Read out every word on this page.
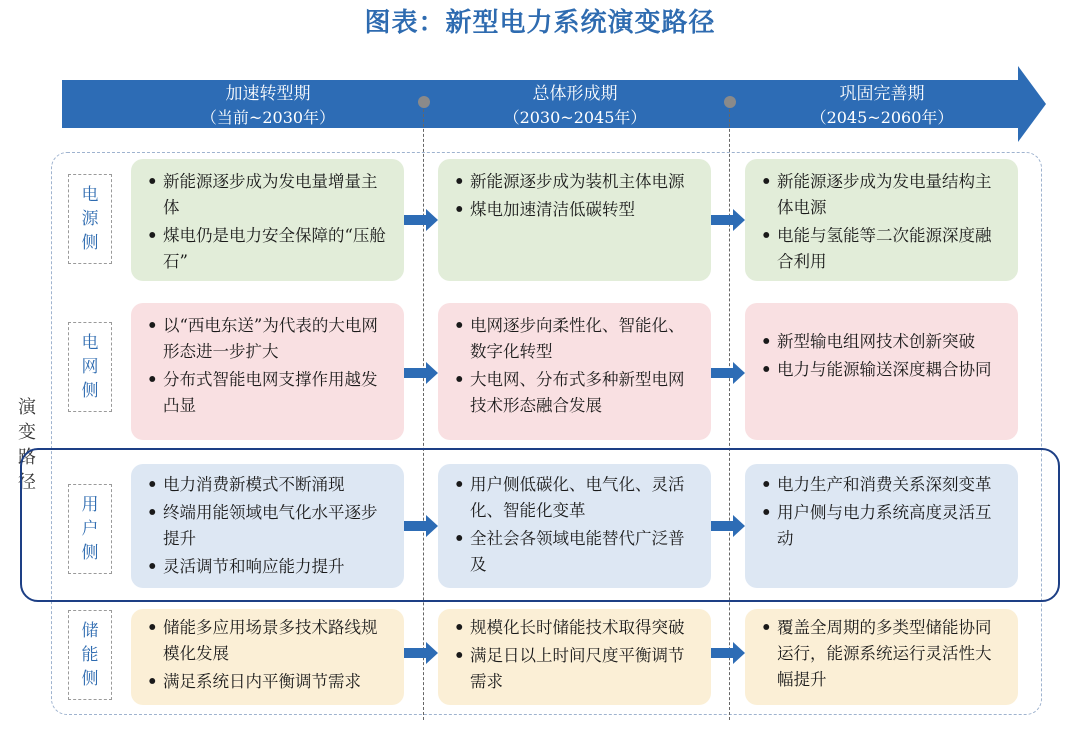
图表：新型电力系统演变路径
加速转型期
（当前~2030年）
总体形成期
（2030~2045年）
巩固完善期
（2045~2060年）
演
变
路
径
电
源
侧
• 新能源逐步成为发电量增量主体
• 煤电仍是电力安全保障的“压舱石”
• 新能源逐步成为装机主体电源
• 煤电加速清洁低碳转型
• 新能源逐步成为发电量结构主体电源
• 电能与氢能等二次能源深度融合利用
电
网
侧
• 以“西电东送”为代表的大电网形态进一步扩大
• 分布式智能电网支撑作用越发凸显
• 电网逐步向柔性化、智能化、数字化转型
• 大电网、分布式多种新型电网技术形态融合发展
• 新型输电组网技术创新突破
• 电力与能源输送深度耦合协同
用
户
侧
• 电力消费新模式不断涌现
• 终端用能领域电气化水平逐步提升
• 灵活调节和响应能力提升
• 用户侧低碳化、电气化、灵活化、智能化变革
• 全社会各领域电能替代广泛普及
• 电力生产和消费关系深刻变革
• 用户侧与电力系统高度灵活互动
储
能
侧
• 储能多应用场景多技术路线规模化发展
• 满足系统日内平衡调节需求
• 规模化长时储能技术取得突破
• 满足日以上时间尺度平衡调节需求
• 覆盖全周期的多类型储能协同运行，能源系统运行灵活性大幅提升
